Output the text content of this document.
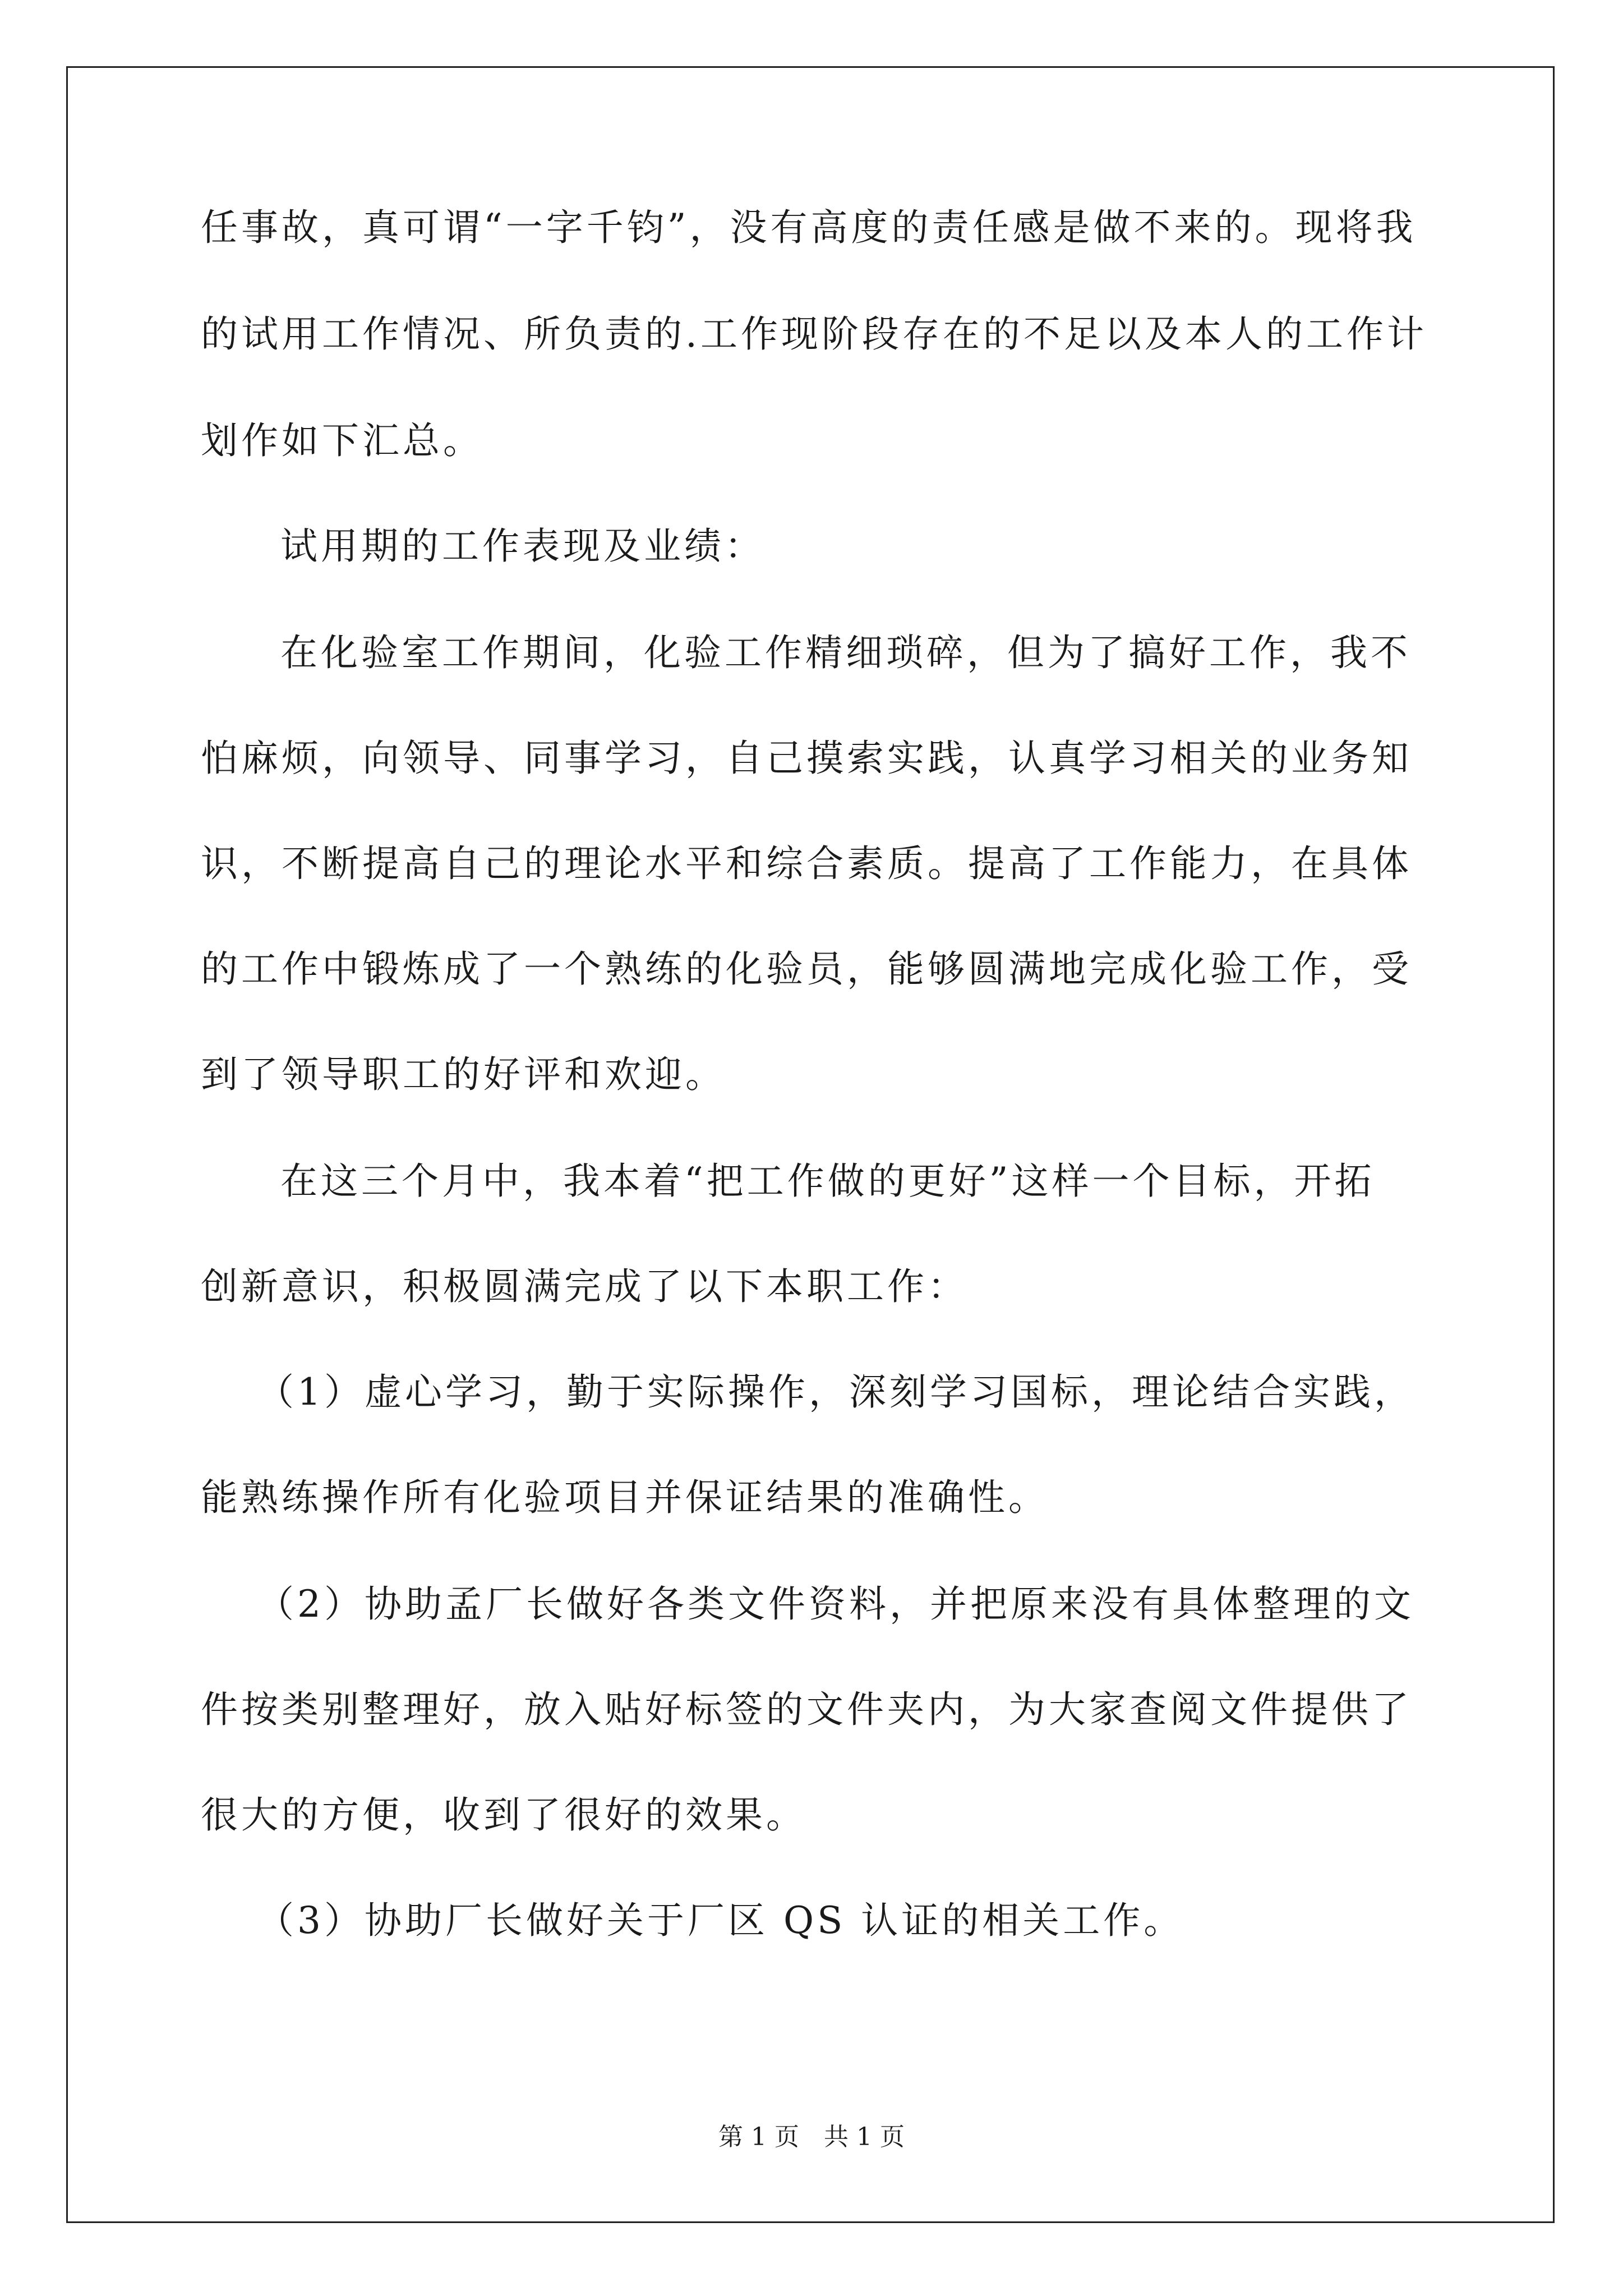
任事故，真可谓“一字千钧”，没有高度的责任感是做不来的。现将我
的试用工作情况、所负责的.工作现阶段存在的不足以及本人的工作计
划作如下汇总。
试用期的工作表现及业绩：
在化验室工作期间，化验工作精细琐碎，但为了搞好工作，我不
怕麻烦，向领导、同事学习，自己摸索实践，认真学习相关的业务知
识，不断提高自己的理论水平和综合素质。提高了工作能力，在具体
的工作中锻炼成了一个熟练的化验员，能够圆满地完成化验工作，受
到了领导职工的好评和欢迎。
在这三个月中，我本着“把工作做的更好”这样一个目标，开拓
创新意识，积极圆满完成了以下本职工作：
（1）虚心学习，勤于实际操作，深刻学习国标，理论结合实践，
能熟练操作所有化验项目并保证结果的准确性。
（2）协助孟厂长做好各类文件资料，并把原来没有具体整理的文
件按类别整理好，放入贴好标签的文件夹内，为大家查阅文件提供了
很大的方便，收到了很好的效果。
（3）协助厂长做好关于厂区 QS 认证的相关工作。
第 1 页　共 1 页
